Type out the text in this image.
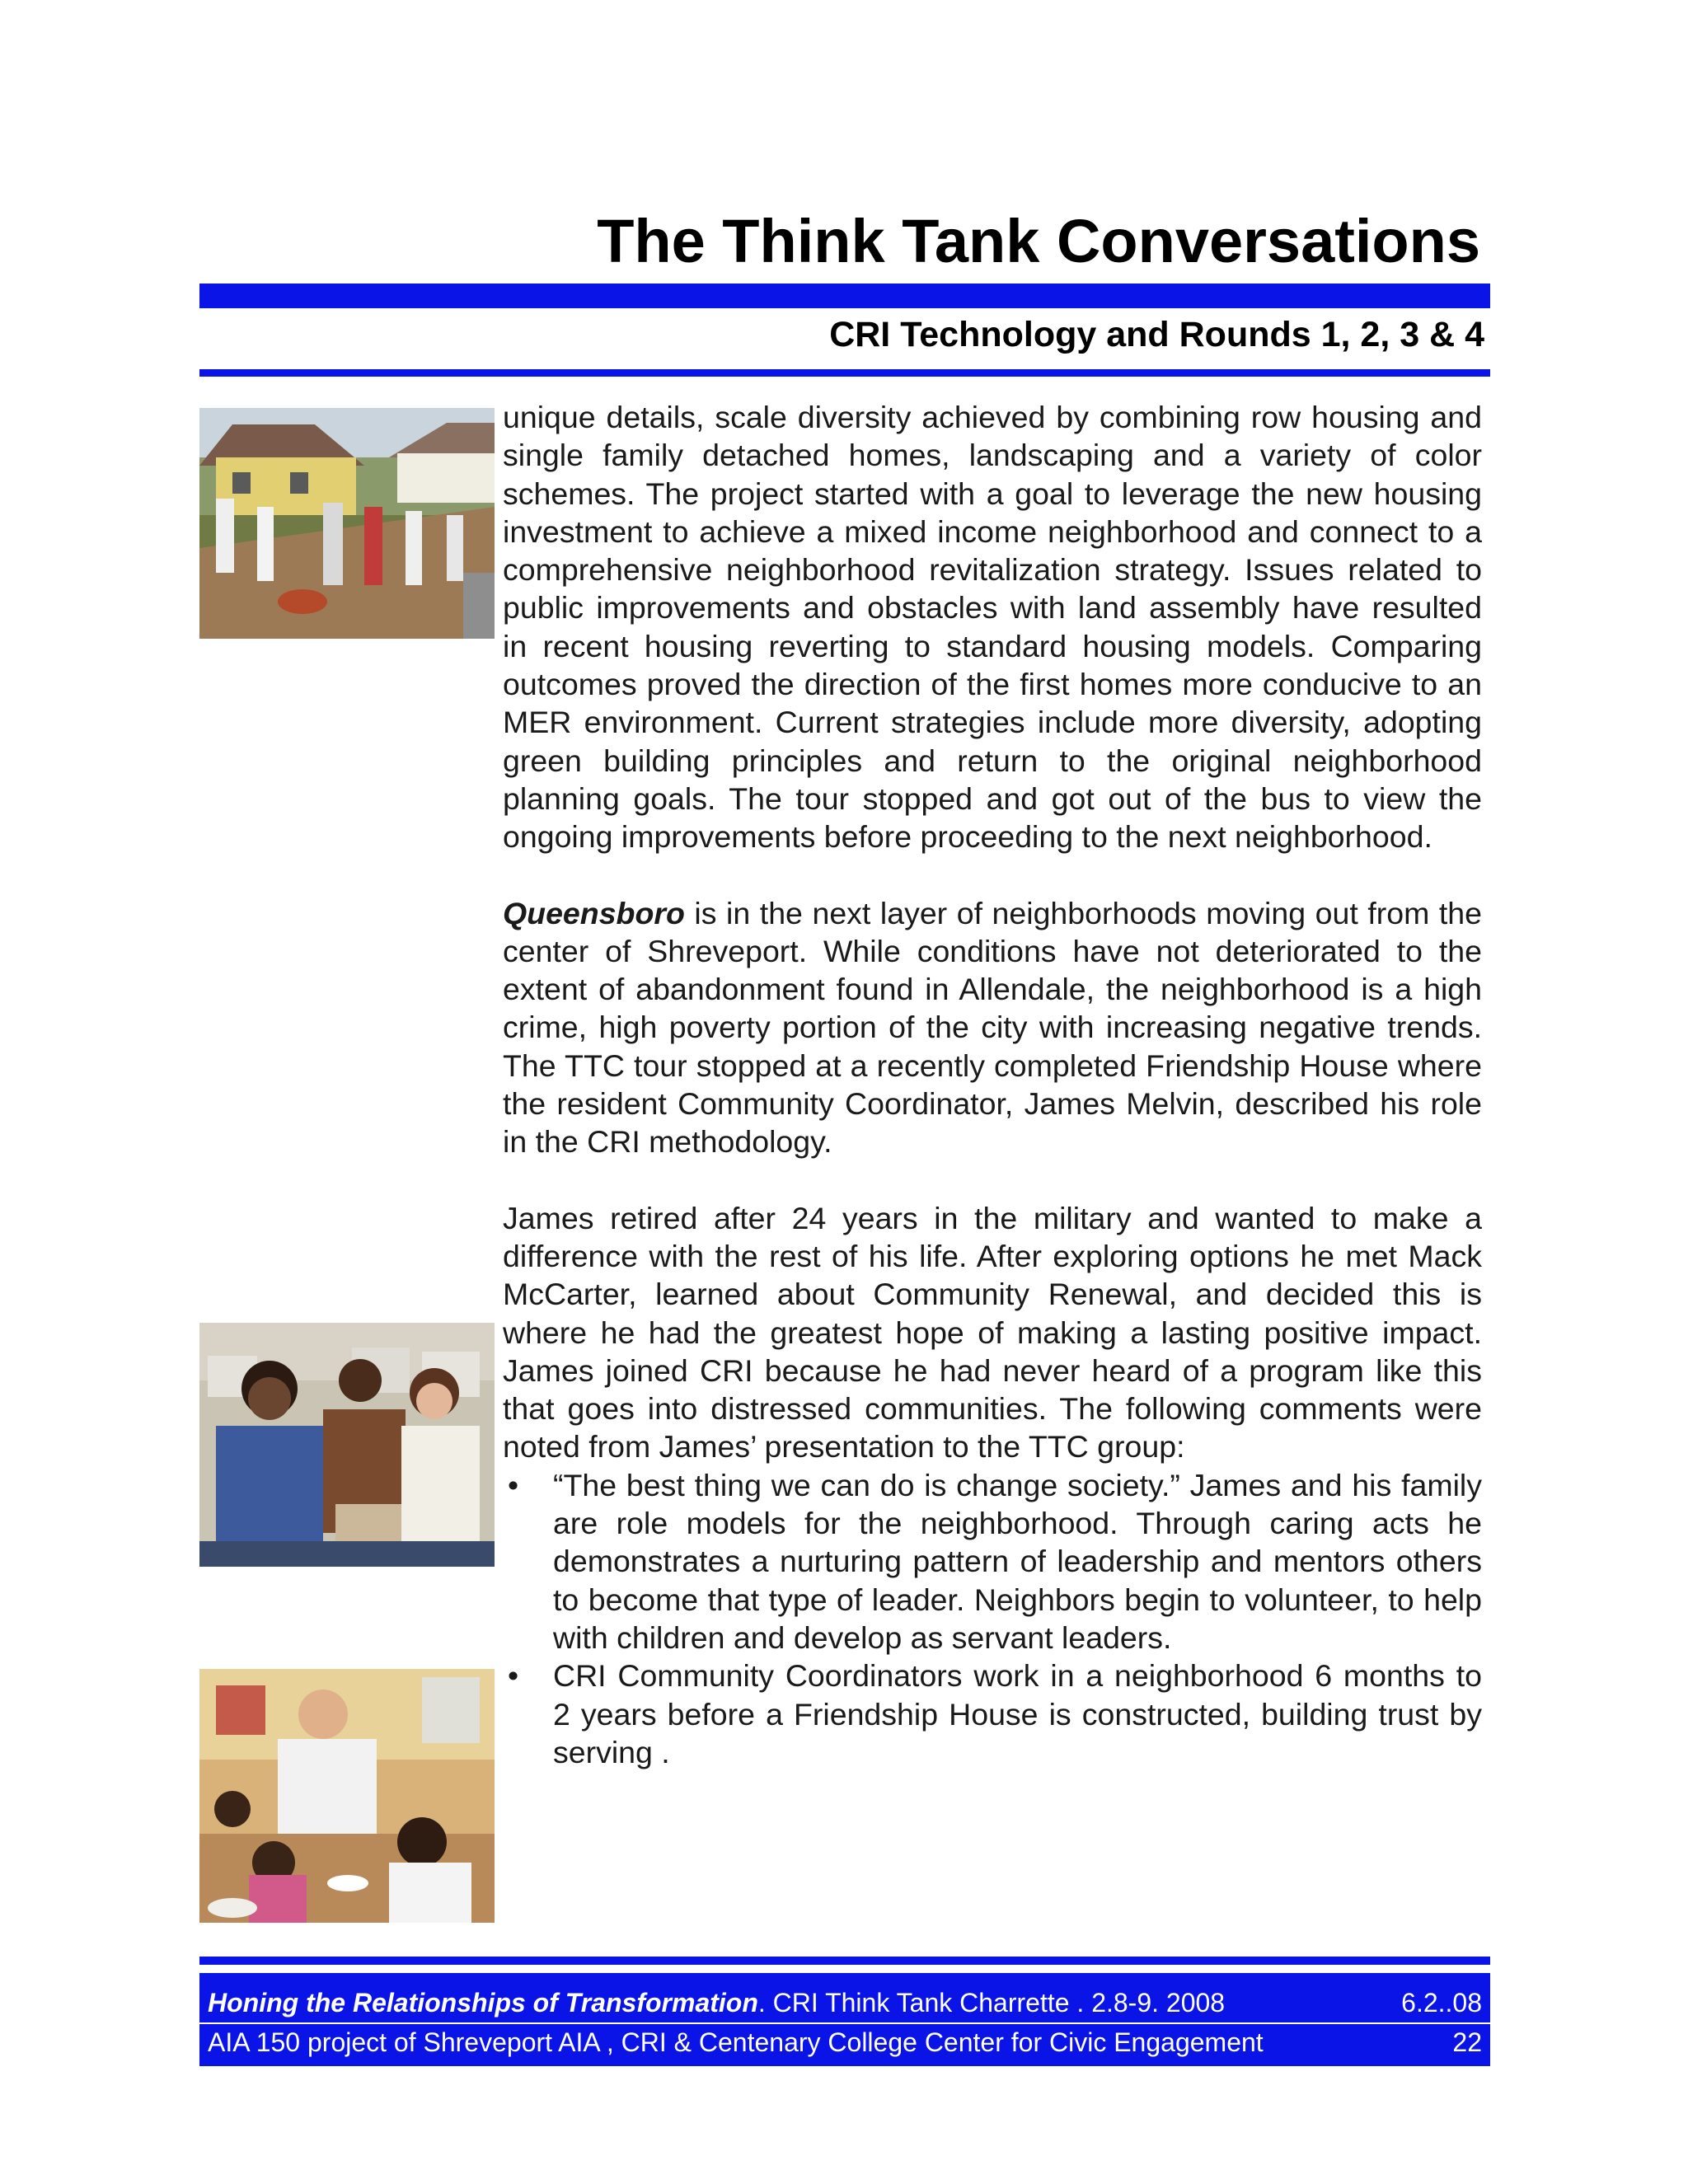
The Think Tank Conversations
CRI Technology and Rounds 1, 2, 3 & 4

unique details, scale diversity achieved by combining row housing and single family detached homes, landscaping and a variety of color schemes. The project started with a goal to leverage the new housing investment to achieve a mixed income neighborhood and connect to a comprehensive neighborhood revitalization strategy. Issues related to public improvements and obstacles with land assembly have resulted in recent housing reverting to standard housing models. Comparing outcomes proved the direction of the first homes more conducive to an MER environment. Current strategies include more diversity, adopting green building principles and return to the original neighborhood planning goals. The tour stopped and got out of the bus to view the ongoing improvements before proceeding to the next neighborhood.

Queensboro is in the next layer of neighborhoods moving out from the center of Shreveport. While conditions have not deteriorated to the extent of abandonment found in Allendale, the neighborhood is a high crime, high poverty portion of the city with increasing negative trends. The TTC tour stopped at a recently completed Friendship House where the resident Community Coordinator, James Melvin, described his role in the CRI methodology.

James retired after 24 years in the military and wanted to make a difference with the rest of his life. After exploring options he met Mack McCarter, learned about Community Renewal, and decided this is where he had the greatest hope of making a lasting positive impact. James joined CRI because he had never heard of a program like this that goes into distressed communities. The following comments were noted from James’ presentation to the TTC group:

• “The best thing we can do is change society.” James and his family are role models for the neighborhood. Through caring acts he demonstrates a nurturing pattern of leadership and mentors others to become that type of leader. Neighbors begin to volunteer, to help with children and develop as servant leaders.
• CRI Community Coordinators work in a neighborhood 6 months to 2 years before a Friendship House is constructed, building trust by serving .
Honing the Relationships of Transformation. CRI Think Tank Charrette . 2.8-9. 2008	6.2..08
AIA 150 project of Shreveport AIA , CRI & Centenary College Center for Civic Engagement	22
